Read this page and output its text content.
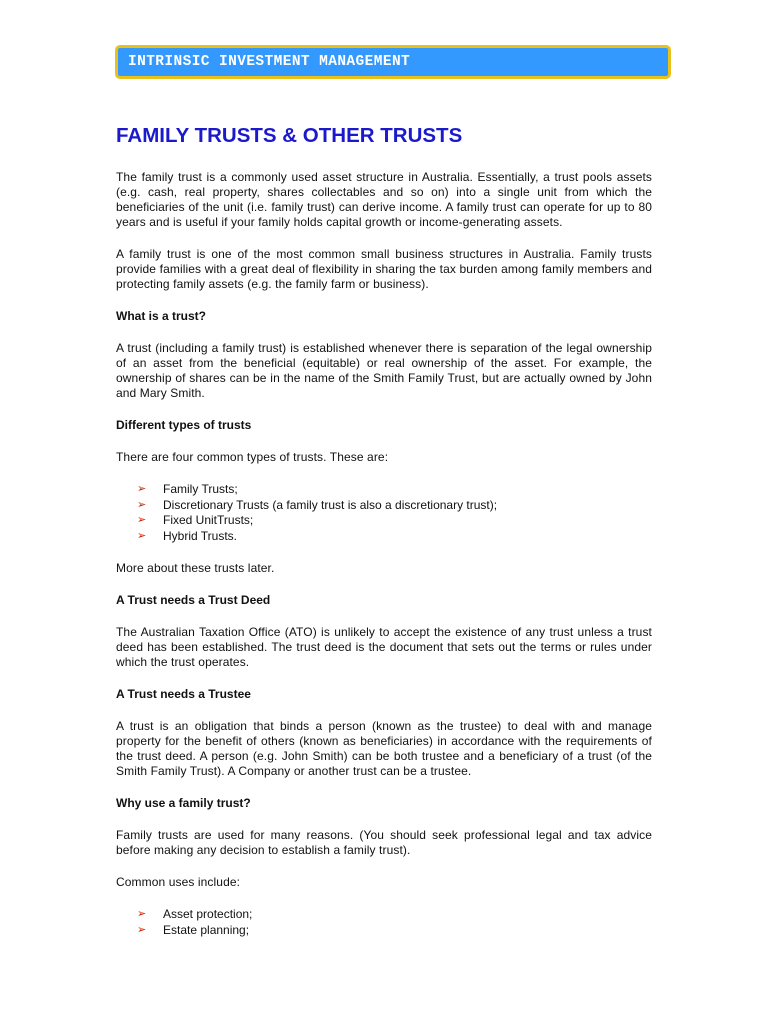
INTRINSIC INVESTMENT MANAGEMENT
FAMILY TRUSTS & OTHER TRUSTS

The family trust is a commonly used asset structure in Australia. Essentially, a trust pools assets (e.g. cash, real property, shares collectables and so on) into a single unit from which the beneficiaries of the unit (i.e. family trust) can derive income. A family trust can operate for up to 80 years and is useful if your family holds capital growth or income-generating assets.

A family trust is one of the most common small business structures in Australia. Family trusts provide families with a great deal of flexibility in sharing the tax burden among family members and protecting family assets (e.g. the family farm or business).

What is a trust?

A trust (including a family trust) is established whenever there is separation of the legal ownership of an asset from the beneficial (equitable) or real ownership of the asset. For example, the ownership of shares can be in the name of the Smith Family Trust, but are actually owned by John and Mary Smith.

Different types of trusts

There are four common types of trusts. These are:

➢ Family Trusts;
➢ Discretionary Trusts (a family trust is also a discretionary trust);
➢ Fixed UnitTrusts;
➢ Hybrid Trusts.

More about these trusts later.

A Trust needs a Trust Deed

The Australian Taxation Office (ATO) is unlikely to accept the existence of any trust unless a trust deed has been established. The trust deed is the document that sets out the terms or rules under which the trust operates.

A Trust needs a Trustee

A trust is an obligation that binds a person (known as the trustee) to deal with and manage property for the benefit of others (known as beneficiaries) in accordance with the requirements of the trust deed. A person (e.g. John Smith) can be both trustee and a beneficiary of a trust (of the Smith Family Trust). A Company or another trust can be a trustee.

Why use a family trust?

Family trusts are used for many reasons. (You should seek professional legal and tax advice before making any decision to establish a family trust).

Common uses include:

➢ Asset protection;
➢ Estate planning;
